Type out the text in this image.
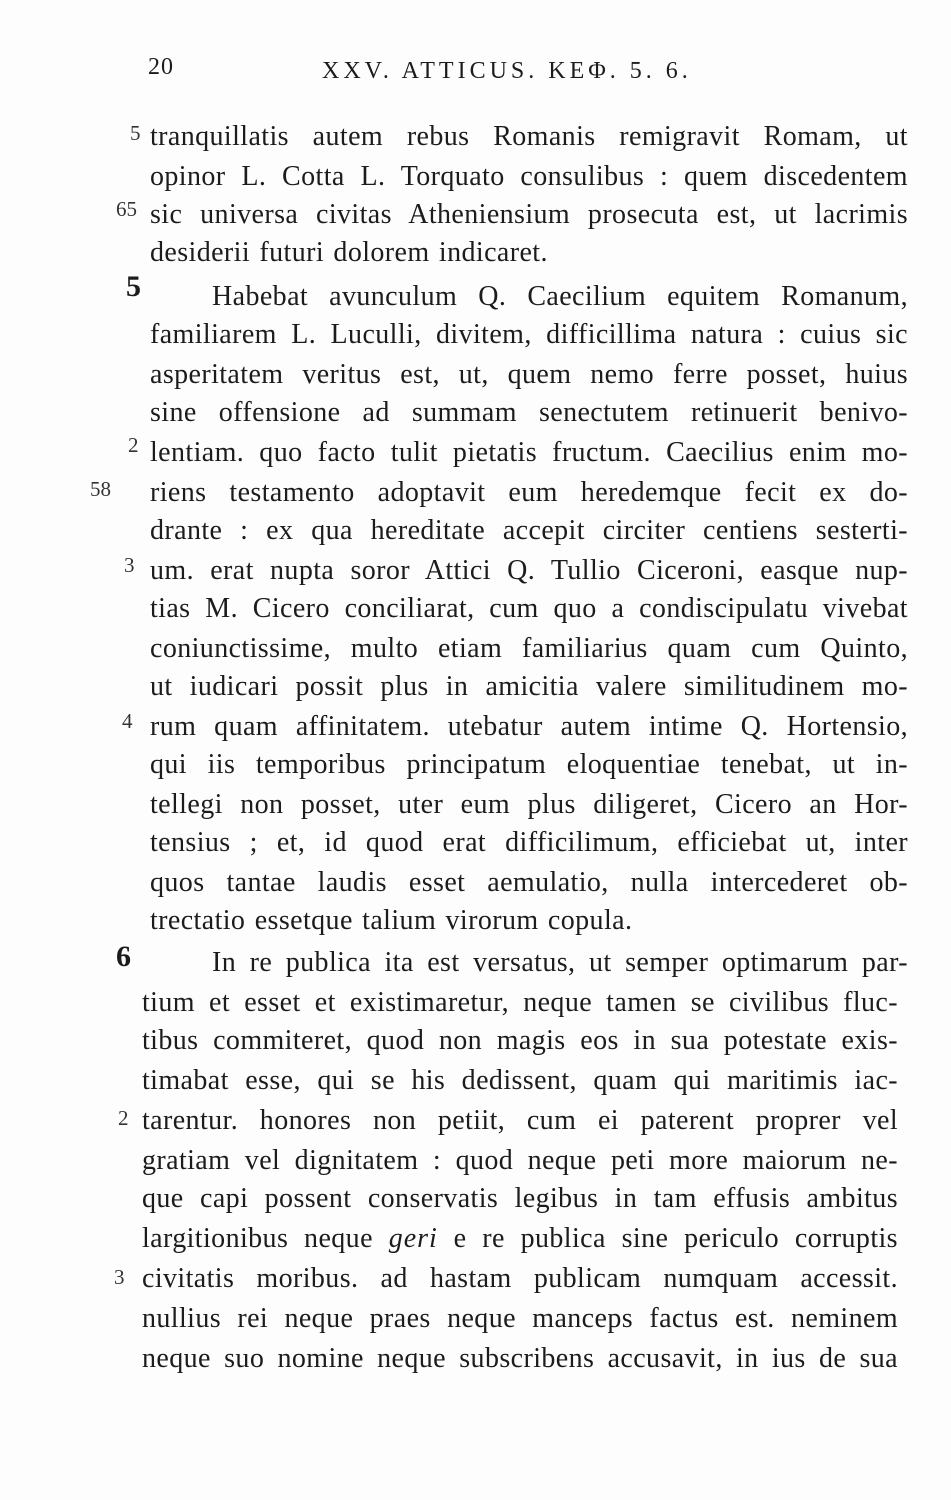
20	XXV. ATTICUS. ΚΕΦ. 5. 6.
5
65
5
2
58
3
4
6
2
3
tranquillatis autem rebus Romanis remigravit Romam, ut
opinor L. Cotta L. Torquato consulibus : quem discedentem
sic universa civitas Atheniensium prosecuta est, ut lacrimis
desiderii futuri dolorem indicaret.
Habebat avunculum Q. Caecilium equitem Romanum,
familiarem L. Luculli, divitem, difficillima natura : cuius sic
asperitatem veritus est, ut, quem nemo ferre posset, huius
sine offensione ad summam senectutem retinuerit benivo-
lentiam. quo facto tulit pietatis fructum. Caecilius enim mo-
riens testamento adoptavit eum heredemque fecit ex do-
drante : ex qua hereditate accepit circiter centiens sesterti-
um. erat nupta soror Attici Q. Tullio Ciceroni, easque nup-
tias M. Cicero conciliarat, cum quo a condiscipulatu vivebat
coniunctissime, multo etiam familiarius quam cum Quinto,
ut iudicari possit plus in amicitia valere similitudinem mo-
rum quam affinitatem. utebatur autem intime Q. Hortensio,
qui iis temporibus principatum eloquentiae tenebat, ut in-
tellegi non posset, uter eum plus diligeret, Cicero an Hor-
tensius ; et, id quod erat difficilimum, efficiebat ut, inter
quos tantae laudis esset aemulatio, nulla intercederet ob-
trectatio essetque talium virorum copula.
In re publica ita est versatus, ut semper optimarum par-
tium et esset et existimaretur, neque tamen se civilibus fluc-
tibus commiteret, quod non magis eos in sua potestate exis-
timabat esse, qui se his dedissent, quam qui maritimis iac-
tarentur. honores non petiit, cum ei paterent proprer vel
gratiam vel dignitatem : quod neque peti more maiorum ne-
que capi possent conservatis legibus in tam effusis ambitus
largitionibus neque geri e re publica sine periculo corruptis
civitatis moribus. ad hastam publicam numquam accessit.
nullius rei neque praes neque manceps factus est. neminem
neque suo nomine neque subscribens accusavit, in ius de sua
